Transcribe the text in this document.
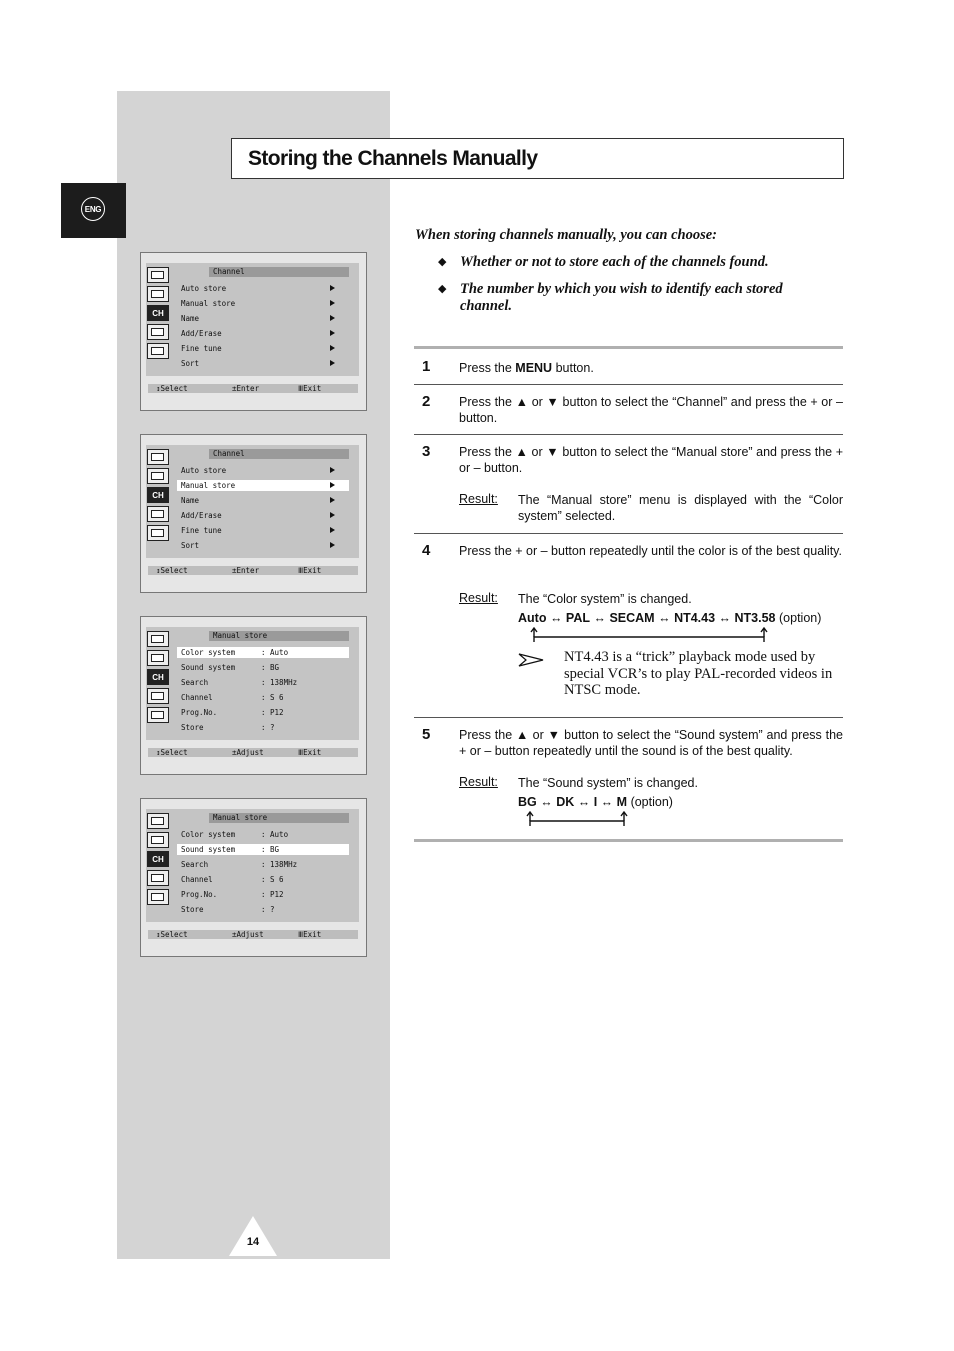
ENG
Storing the Channels Manually
CH
Channel
Auto store
Manual store
Name
Add/Erase
Fine tune
Sort
↕Select	±Enter	ⅢExit
CH
Channel
Auto store
Manual store
Name
Add/Erase
Fine tune
Sort
↕Select	±Enter	ⅢExit
CH
Manual store
Color system	: Auto
Sound system	: BG
Search	: 138MHz
Channel	: S 6
Prog.No.	: P12
Store	: ?
↕Select	±Adjust	ⅢExit
CH
Manual store
Color system	: Auto
Sound system	: BG
Search	: 138MHz
Channel	: S 6
Prog.No.	: P12
Store	: ?
↕Select	±Adjust	ⅢExit
When storing channels manually, you can choose:
◆ Whether or not to store each of the channels found.
◆ The number by which you wish to identify each stored channel.
1 Press the MENU button.
2 Press the ▲ or ▼ button to select the “Channel” and press the + or – button.
3 Press the ▲ or ▼ button to select the “Manual store” and press the + or – button.
Result: The “Manual store” menu is displayed with the “Color system” selected.
4 Press the + or – button repeatedly until the color is of the best quality.
Result: The “Color system” is changed.
Auto ↔ PAL ↔ SECAM ↔ NT4.43 ↔ NT3.58 (option)
NT4.43 is a “trick” playback mode used by special VCR’s to play PAL-recorded videos in NTSC mode.
5 Press the ▲ or ▼ button to select the “Sound system” and press the + or – button repeatedly until the sound is of the best quality.
Result: The “Sound system” is changed.
BG ↔ DK ↔ I ↔ M (option)
14
